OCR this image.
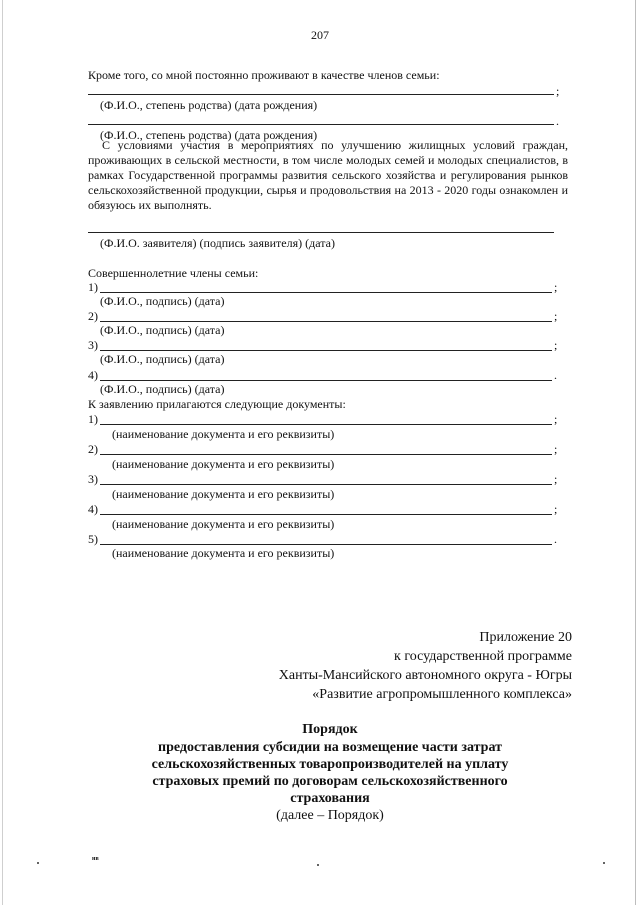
207
Кроме того, со мной постоянно проживают в качестве членов семьи:
;
(Ф.И.О., степень родства) (дата рождения)
.
(Ф.И.О., степень родства) (дата рождения)
С условиями участия в мероприятиях по улучшению жилищных условий граждан, проживающих в сельской местности, в том числе молодых семей и молодых специалистов, в рамках Государственной программы развития сельского хозяйства и регулирования рынков сельскохозяйственной продукции, сырья и продовольствия на 2013 - 2020 годы ознакомлен и обязуюсь их выполнять.
(Ф.И.О. заявителя) (подпись заявителя) (дата)
Совершеннолетние члены семьи:
1)	;
(Ф.И.О., подпись) (дата)
2)	;
(Ф.И.О., подпись) (дата)
3)	;
(Ф.И.О., подпись) (дата)
4)	.
(Ф.И.О., подпись) (дата)
К заявлению прилагаются следующие документы:
1)	;
(наименование документа и его реквизиты)
2)	;
(наименование документа и его реквизиты)
3)	;
(наименование документа и его реквизиты)
4)	;
(наименование документа и его реквизиты)
5)	.
(наименование документа и его реквизиты)
Приложение 20
к государственной программе
Ханты-Мансийского автономного округа - Югры
«Развитие агропромышленного комплекса»
Порядок
предоставления субсидии на возмещение части затрат
сельскохозяйственных товаропроизводителей на уплату
страховых премий по договорам сельскохозяйственного
страхования
(далее – Порядок)
нв
